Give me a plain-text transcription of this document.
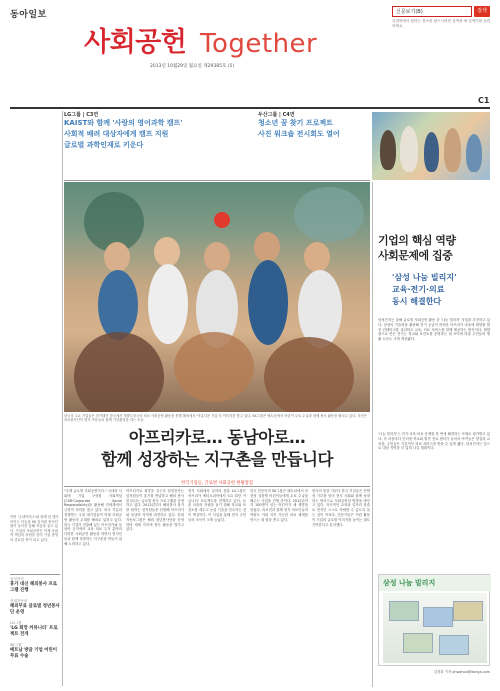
동아일보	신문보기(B)	검색
특집면에서 원하는 정보를 찾으시려면 검색창 에 검색어를 입력하세요
사회공헌 Together
2013년 10월29일 월요일 제29385호 (5)
C1
LG그룹 | C3면
KAIST와 함께 '사랑의 영어과학 캠프'
사회적 배려 대상자에게 캠프 지원
글로벌 과학인재로 키운다
두산그룹 | C4면
청소년 꿈 찾기 프로젝트
사진 워크숍 전시회도 열어
이번 '굿네이버스'와 함께 한 행사 아이는 이들을 SK 임직원 봉사단원이 놀이를 통해 학습을 돕고 있다. 기업의 사회공헌은 이제 사회적 책임의 차원을 넘어 기업 경영의 중요한 축이 되고 있다.
삼성전자
휴가 대신 해외봉사 프로그램 진행
현대자동차
해외무료 글로벌 청년봉사단 운영
LG그룹
'LG 희망 커뮤니티' 프로젝트 전개
SK그룹
베트남 방글 기업 어린이 무료 수술
한국의 주요 기업들은 한가해진 한국에서 개발도상국의 의료 사회공헌 활동을 통해 해외에서 '아름다운 기업'의 이미지를 쌓고 있다. SK그룹은 베트남에서 어린이 무료 수술과 함께 봉사 활동을 펼치고 있다. 사진은 의료봉사단이 현지 아동들과 함께 기념촬영을 하는 모습.
아프리카로… 동남아로…
함께 성장하는 지구촌을 만듭니다
한국기업들, 글로벌 사회공헌 현황점검
"국제 글로벌 사회공헌이다." 국내외 사회에 기업 구성원 사회책임(CSR·Corporate Social Responsibility)을 활용해 전세계에서 긍정적 의미를 찾고 있다. 외국 기업과 경쟁하는 국내 대기업들이 이제 사회공헌 활동의 무대를 해외로 넓히고 있다. 한국 기업이 진출해 있는 아프리카와 동남아 등지에서 교육 의료 주거 분야의 다양한 사회공헌 활동을 하면서 현지인들과 함께 성장하는 지구촌을 만들기 위해 노력하고 있다.
아프리카로 희망을 심는다 삼성전자는 임직원들이 휴가를 반납하고 해외 봉사를 떠나는 글로벌 봉사 프로그램을 운영하고 있다. 2012년부터 해외봉사 참가를 원하는 임직원들을 선발해 아프리카와 동남아 지역에 파견하고 있다. 현대자동차그룹은 해외 청년봉사단을 운영하며 세계 각지에 봉사 활동을 벌이고 있다.
현지 사회에서 일자리 창출 LG그룹은 아프리카 에티오피아에서 'LG 희망 커뮤니티' 프로젝트를 전개하고 있다. 농촌 마을의 자립을 돕기 위해 학교와 보건소를 세우고 농업 기술을 전수하는 것이 핵심이다. 이 사업을 통해 현지 주민들의 소득이 크게 늘었다.
한국 전문인력 SK그룹은 베트남에서 선천성 심장병 어린이들에게 무료 수술을 해주는 사업을 진행 중이다. 2012년까지 100명이 넘는 어린이가 새 생명을 얻었다. 의료진과 함께 현지 의료인들의 역량도 키워 지속 가능한 의료 체계를 만드는 데 힘을 쏟고 있다.
봉사의 힘을 키운다 한국 기업들은 단발성 기부를 넘어 현지 사회와 함께 성장하는 방식으로 사회공헌의 방향을 바꾸고 있다. 지속적인 교육과 일자리 창출로 현지인 스스로 자립할 수 있도록 돕는 것이 목표다. 전문가들은 이런 활동이 기업의 글로벌 이미지를 높이는 데도 기여한다고 분석했다.
기업의 핵심 역량
사회문제에 집중
'삼성 나눔 빌리지'
교육·전기·의료
동시 해결한다
삼성전자는 올해 글로벌 사회공헌 활동 중 '나눔 빌리지' 사업을 추진하고 있다. 삼성의 기술력을 활용해 전기 공급이 어려운 아프리카 마을에 태양광 발전 컨테이너를 설치하고 교육, 의료 서비스를 함께 제공하는 방식이다. 태양광으로 만든 전기는 학교와 보건소를 운영하는 데 쓰이며 마을 주민들의 생활 수준도 크게 개선됐다.
'나눔 빌리지'는 전기·교육·의료 문제를 한 번에 해결하는 모델로 평가받고 있다. 각 마을마다 인터넷 학교와 원격 진료 센터가 들어서 아이들은 양질의 교육을, 주민들은 기본적인 의료 서비스를 받을 수 있게 됐다. 삼성전자는 앞으로 대상 지역을 더 넓혀 나갈 계획이다.
삼성 나눔 빌리지
김정화 기자 ohwahoo@donga.com
